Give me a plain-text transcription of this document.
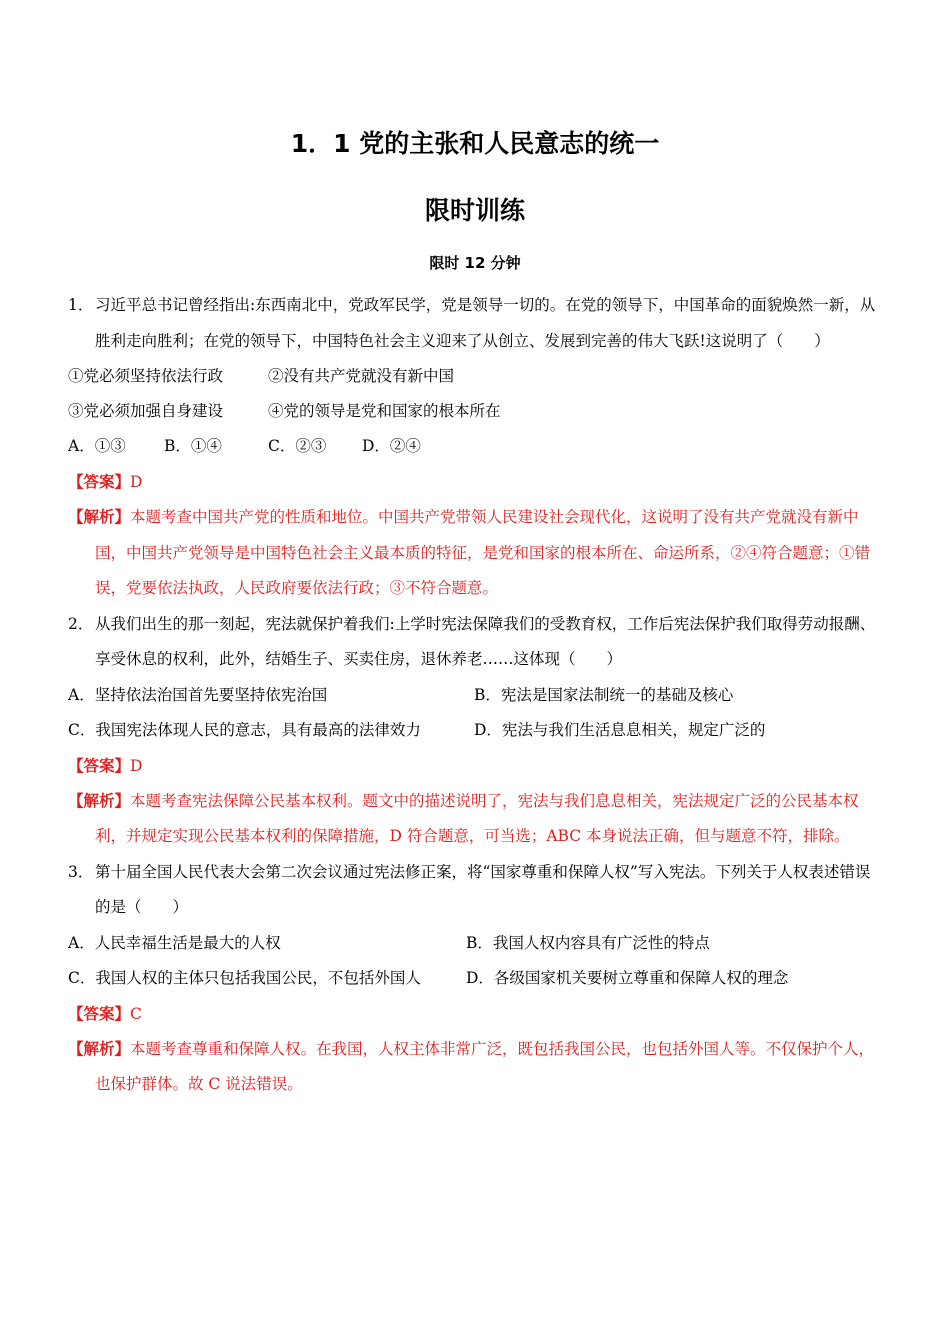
1．1 党的主张和人民意志的统一
限时训练
限时 12 分钟
1． 习近平总书记曾经指出:东西南北中，党政军民学，党是领导一切的。在党的领导下，中国革命的面貌焕然一新，从胜利走向胜利；在党的领导下，中国特色社会主义迎来了从创立、发展到完善的伟大飞跃!这说明了（　　）
①党必须坚持依法行政	②没有共产党就没有新中国
③党必须加强自身建设	④党的领导是党和国家的根本所在
A．①③ B．①④	C．②③ D．②④
【答案】D
【解析】本题考查中国共产党的性质和地位。中国共产党带领人民建设社会现代化，这说明了没有共产党就没有新中国，中国共产党领导是中国特色社会主义最本质的特征，是党和国家的根本所在、命运所系，②④符合题意；①错误，党要依法执政，人民政府要依法行政；③不符合题意。
2． 从我们出生的那一刻起，宪法就保护着我们:上学时宪法保障我们的受教育权，工作后宪法保护我们取得劳动报酬、享受休息的权利，此外，结婚生子、买卖住房，退休养老……这体现（　　）
A．坚持依法治国首先要坚持依宪治国	B．宪法是国家法制统一的基础及核心
C．我国宪法体现人民的意志，具有最高的法律效力	D．宪法与我们生活息息相关，规定广泛的
【答案】D
【解析】本题考查宪法保障公民基本权利。题文中的描述说明了，宪法与我们息息相关，宪法规定广泛的公民基本权利，并规定实现公民基本权利的保障措施，D 符合题意，可当选；ABC 本身说法正确，但与题意不符，排除。
3． 第十届全国人民代表大会第二次会议通过宪法修正案，将“国家尊重和保障人权”写入宪法。下列关于人权表述错误的是（　　）
A．人民幸福生活是最大的人权	B．我国人权内容具有广泛性的特点
C．我国人权的主体只包括我国公民，不包括外国人	D．各级国家机关要树立尊重和保障人权的理念
【答案】C
【解析】本题考查尊重和保障人权。在我国，人权主体非常广泛，既包括我国公民，也包括外国人等。不仅保护个人，也保护群体。故 C 说法错误。
